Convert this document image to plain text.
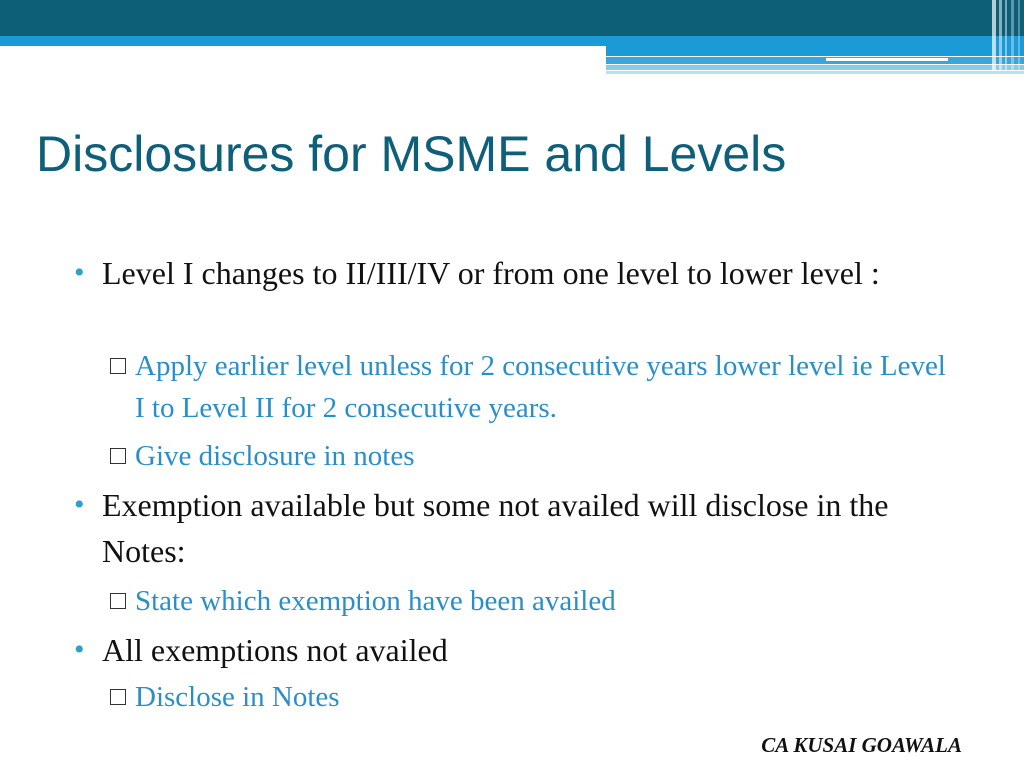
Disclosures for MSME and Levels
• Level I changes to II/III/IV or from one level to lower level :
Apply earlier level unless for 2 consecutive years lower level ie Level I to Level II for 2 consecutive years.
Give disclosure in notes
• Exemption available but some not availed will disclose in the Notes:
State which exemption have been availed
• All exemptions not availed
Disclose in Notes
CA KUSAI GOAWALA
